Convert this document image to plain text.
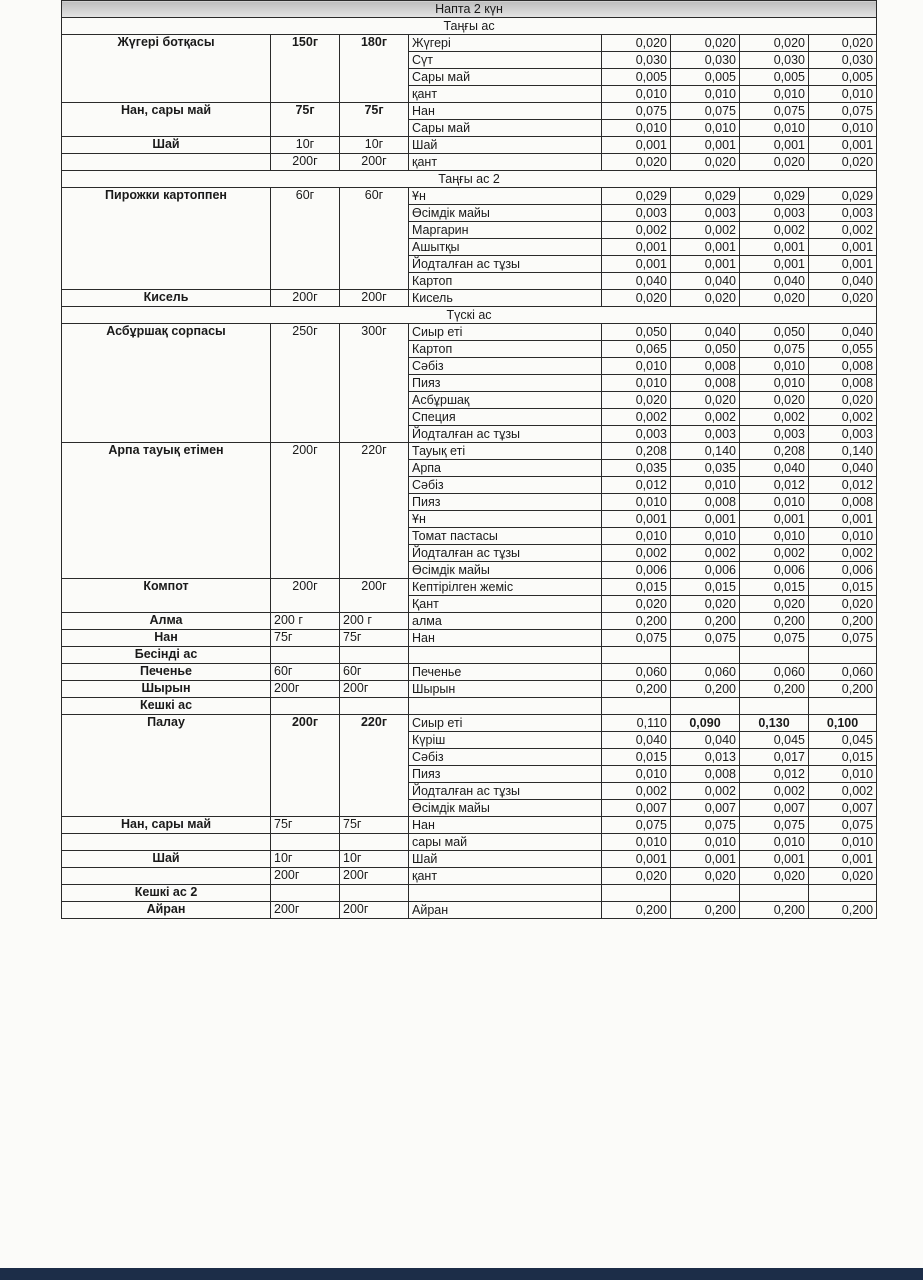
Hапта 2 күн							
Таңғы ас							
Жүгері ботқасы	150г	180г	Жүгері	0,020	0,020	0,020	0,020
			Сүт	0,030	0,030	0,030	0,030
			Сары май	0,005	0,005	0,005	0,005
			қант	0,010	0,010	0,010	0,010
Нан, сары май	75г	75г	Нан	0,075	0,075	0,075	0,075
			Сары май	0,010	0,010	0,010	0,010
Шай	10г	10г	Шай	0,001	0,001	0,001	0,001
	200г	200г	қант	0,020	0,020	0,020	0,020
Таңғы ас 2							
Пирожки картоппен	60г	60г	Ұн	0,029	0,029	0,029	0,029
			Өсімдік майы	0,003	0,003	0,003	0,003
			Маргарин	0,002	0,002	0,002	0,002
			Ашытқы	0,001	0,001	0,001	0,001
			Йодталған ас тұзы	0,001	0,001	0,001	0,001
			Картоп	0,040	0,040	0,040	0,040
Кисель	200г	200г	Кисель	0,020	0,020	0,020	0,020
Түскі ас							
Асбұршақ сорпасы	250г	300г	Сиыр еті	0,050	0,040	0,050	0,040
			Картоп	0,065	0,050	0,075	0,055
			Сәбіз	0,010	0,008	0,010	0,008
			Пияз	0,010	0,008	0,010	0,008
			Асбұршақ	0,020	0,020	0,020	0,020
			Специя	0,002	0,002	0,002	0,002
			Йодталған ас тұзы	0,003	0,003	0,003	0,003
Арпа тауық етімен	200г	220г	Тауық еті	0,208	0,140	0,208	0,140
			Арпа	0,035	0,035	0,040	0,040
			Сәбіз	0,012	0,010	0,012	0,012
			Пияз	0,010	0,008	0,010	0,008
			Ұн	0,001	0,001	0,001	0,001
			Томат пастасы	0,010	0,010	0,010	0,010
			Йодталған ас тұзы	0,002	0,002	0,002	0,002
			Өсімдік майы	0,006	0,006	0,006	0,006
Компот	200г	200г	Кептірілген жеміс	0,015	0,015	0,015	0,015
			Қант	0,020	0,020	0,020	0,020
Алма	200 г	200 г	алма	0,200	0,200	0,200	0,200
Нан	75г	75г	Нан	0,075	0,075	0,075	0,075
Бесінді ас							
Печенье	60г	60г	Печенье	0,060	0,060	0,060	0,060
Шырын	200г	200г	Шырын	0,200	0,200	0,200	0,200
Кешкі ас							
Палау	200г	220г	Сиыр еті	0,110	0,090	0,130	0,100
			Күріш	0,040	0,040	0,045	0,045
			Сәбіз	0,015	0,013	0,017	0,015
			Пияз	0,010	0,008	0,012	0,010
			Йодталған ас тұзы	0,002	0,002	0,002	0,002
			Өсімдік майы	0,007	0,007	0,007	0,007
Нан, сары май	75г	75г	Нан	0,075	0,075	0,075	0,075
			сары май	0,010	0,010	0,010	0,010
Шай	10г	10г	Шай	0,001	0,001	0,001	0,001
	200г	200г	қант	0,020	0,020	0,020	0,020
Кешкі ас 2							
Айран	200г	200г	Айран	0,200	0,200	0,200	0,200
